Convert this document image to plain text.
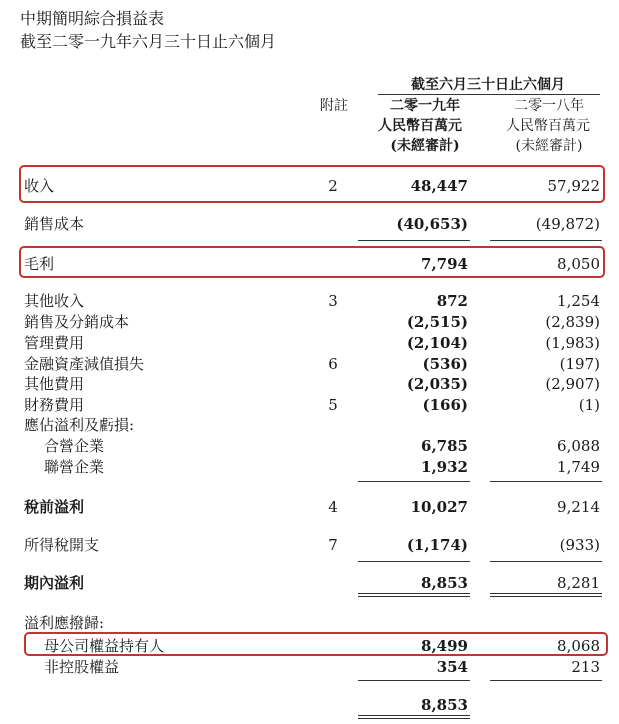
中期簡明綜合損益表
截至二零一九年六月三十日止六個月
截至六月三十日止六個月
附註	二零一九年
人民幣百萬元
(未經審計)
二零一八年
人民幣百萬元
(未經審計)
收入	2	48,447	57,922
銷售成本	(40,653)	(49,872)
毛利	7,794	8,050
其他收入	3	872	1,254
銷售及分銷成本	(2,515)	(2,839)
管理費用	(2,104)	(1,983)
金融資產減值損失	6	(536)	(197)
其他費用	(2,035)	(2,907)
財務費用	5	(166)	(1)
應佔溢利及虧損:
合營企業	6,785	6,088
聯營企業	1,932	1,749
稅前溢利	4	10,027	9,214
所得稅開支	7	(1,174)	(933)
期內溢利	8,853	8,281
溢利應撥歸:
母公司權益持有人	8,499	8,068
非控股權益	354	213
8,853
